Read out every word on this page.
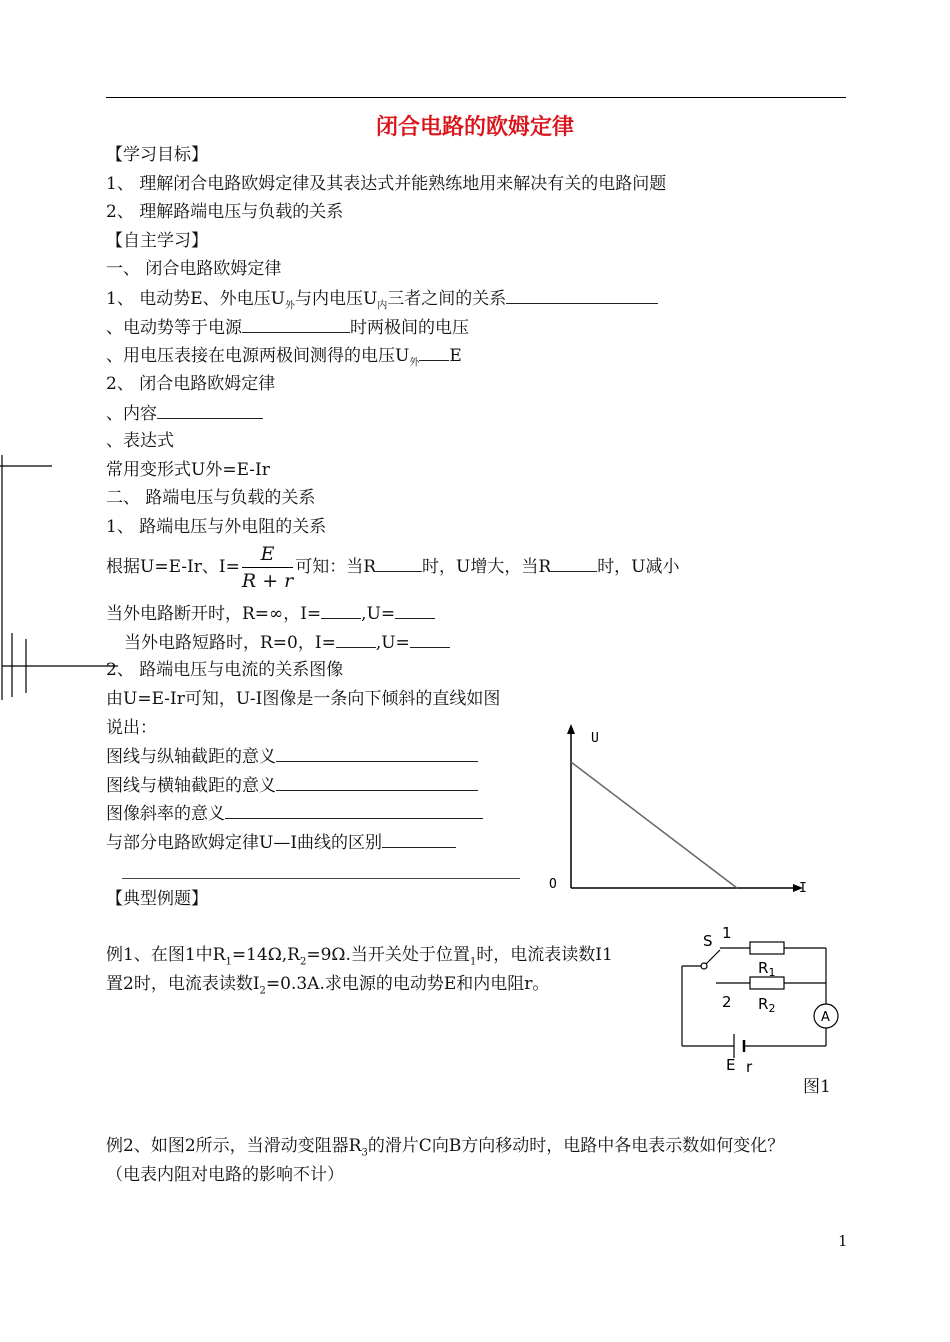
闭合电路的欧姆定律
【学习目标】
1、 理解闭合电路欧姆定律及其表达式并能熟练地用来解决有关的电路问题
2、 理解路端电压与负载的关系
【自主学习】
一、 闭合电路欧姆定律
1、 电动势E、外电压$U_外$与内电压$U_内$三者之间的关系
、电动势等于电源	时两极间的电压
、用电压表接在电源两极间测得的电压$U_外$ E
2、 闭合电路欧姆定律
、内容
、表达式
常用变形式U外=E-Ir
二、 路端电压与负载的关系
1、 路端电压与外电阻的关系
根据U=E-Ir、$I= \frac{E}{R + r}$ 可知：当R	时，U增大，当R	时，U减小
当外电路断开时，R=∞，I= ,U=
当外电路短路时，R=0，I= ,U=
2、 路端电压与电流的关系图像
由U=E-Ir可知，U-I图像是一条向下倾斜的直线如图
说出：
图线与纵轴截距的意义
图线与横轴截距的意义
图像斜率的意义
与部分电路欧姆定律U—I曲线的区别
【典型例题】
例1、在图1中$R_1=14\Omega,R_2=9\Omega$.当开关处于位置$_1$时，电流表读数I1
置2时，电流表读数$I_2=0.3A$.求电源的电动势E和内电阻r。
图1
例2、如图2所示，当滑动变阻器$R_3$的滑片C向B方向移动时，电路中各电表示数如何变化？
（电表内阻对电路的影响不计）
1
U
I
O
S 1
$R_1$
2 $R_2$
A
E r
